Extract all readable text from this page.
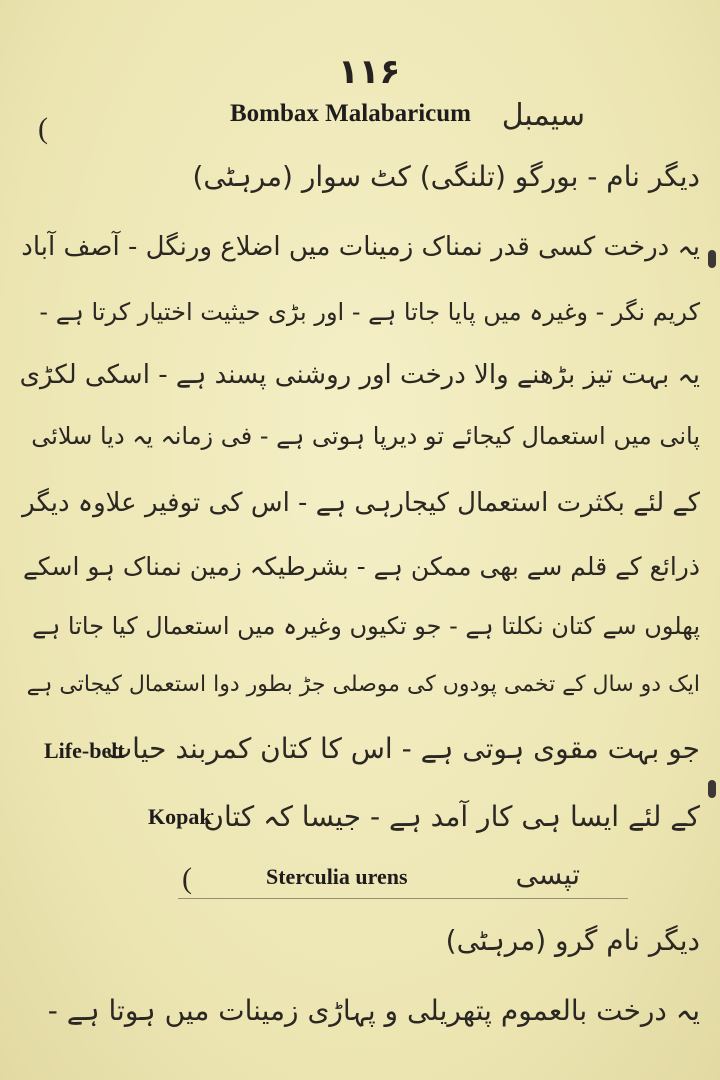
۱۱۶
(	Bombax Malabaricum سیمبل
دیگر نام - بورگو (تلنگی) کٹ سوار (مرہٹی)
یہ درخت کسی قدر نمناک زمینات میں اضلاع ورنگل - آصف آباد
کریم نگر - وغیرہ میں پایا جاتا ہے - اور بڑی حیثیت اختیار کرتا ہے -
یہ بہت تیز بڑھنے والا درخت اور روشنی پسند ہے - اسکی لکڑی
پانی میں استعمال کیجائے تو دیرپا ہوتی ہے - فی زمانہ یہ دیا سلائی
کے لئے بکثرت استعمال کیجارہی ہے - اس کی توفیر علاوہ دیگر
ذرائع کے قلم سے بھی ممکن ہے - بشرطیکہ زمین نمناک ہو اسکے
پھلوں سے کتان نکلتا ہے - جو تکیوں وغیرہ میں استعمال کیا جاتا ہے
ایک دو سال کے تخمی پودوں کی موصلی جڑ بطور دوا استعمال کیجاتی ہے
جو بہت مقوی ہوتی ہے - اس کا کتان کمربند حیات
Life-belt
کے لئے ایسا ہی کار آمد ہے - جیسا کہ کتان
Kopak
(	Sterculia urens	تپسی
دیگر نام گرو (مرہٹی)
یہ درخت بالعموم پتھریلی و پہاڑی زمینات میں ہوتا ہے -
